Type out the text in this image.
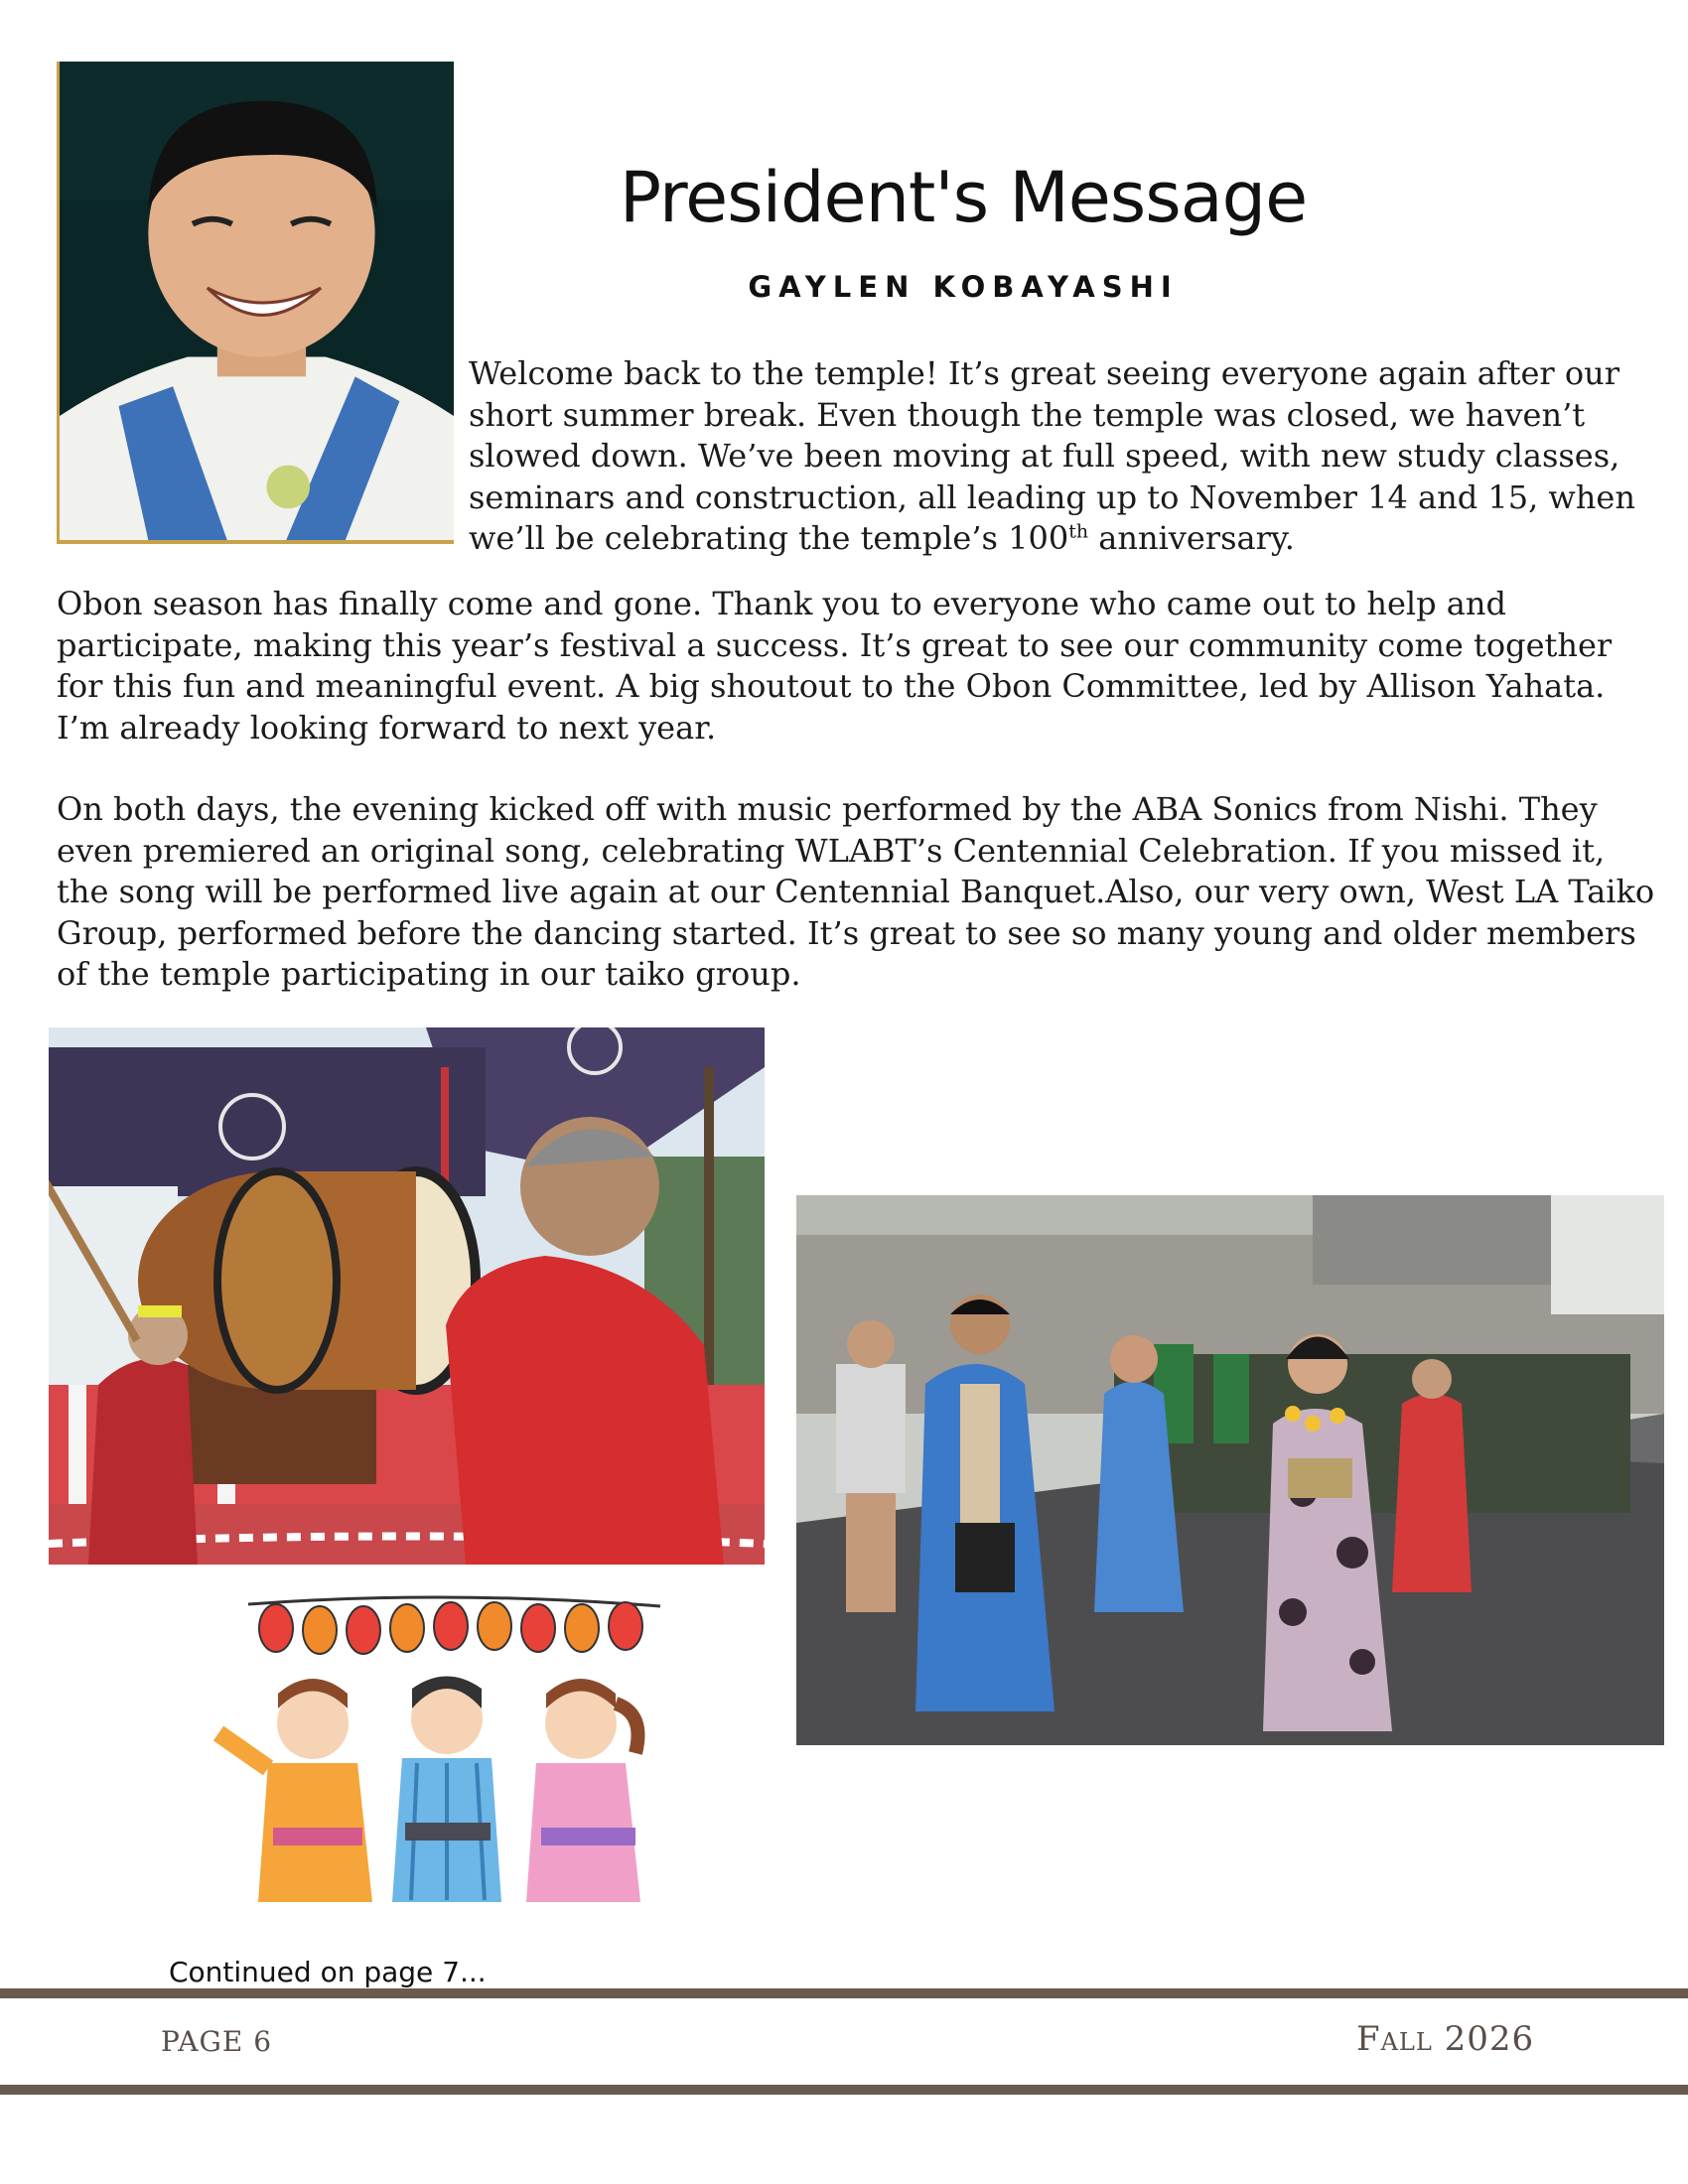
President's Message
GAYLEN KOBAYASHI

Welcome back to the temple! It’s great seeing everyone again after our short summer break. Even though the temple was closed, we haven’t slowed down. We’ve been moving at full speed, with new study classes, seminars and construction, all leading up to November 14 and 15, when we’ll be celebrating the temple’s 100th anniversary.

Obon season has finally come and gone. Thank you to everyone who came out to help and participate, making this year’s festival a success. It’s great to see our community come together for this fun and meaningful event. A big shoutout to the Obon Committee, led by Allison Yahata. I’m already looking forward to next year.

On both days, the evening kicked off with music performed by the ABA Sonics from Nishi. They even premiered an original song, celebrating WLABT’s Centennial Celebration. If you missed it, the song will be performed live again at our Centennial Banquet.Also, our very own, West LA Taiko Group, performed before the dancing started. It’s great to see so many young and older members of the temple participating in our taiko group.

Continued on page 7...
PAGE 6	Fall 2026
